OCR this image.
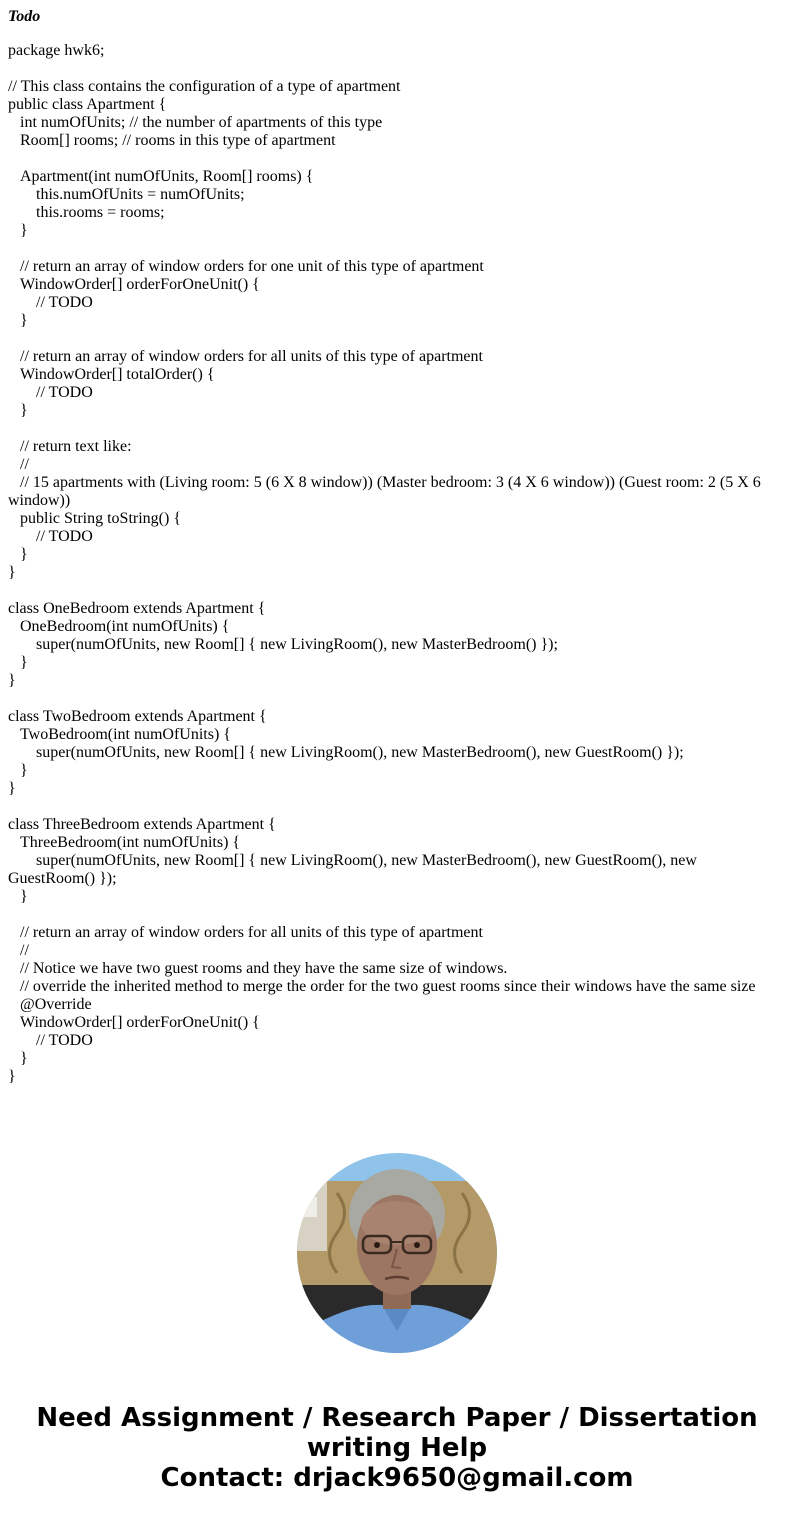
Todo
package hwk6;
// This class contains the configuration of a type of apartment
public class Apartment {
int numOfUnits; // the number of apartments of this type
Room[] rooms; // rooms in this type of apartment
Apartment(int numOfUnits, Room[] rooms) {
this.numOfUnits = numOfUnits;
this.rooms = rooms;
}
// return an array of window orders for one unit of this type of apartment
WindowOrder[] orderForOneUnit() {
// TODO
}
// return an array of window orders for all units of this type of apartment
WindowOrder[] totalOrder() {
// TODO
}
// return text like:
//
// 15 apartments with (Living room: 5 (6 X 8 window)) (Master bedroom: 3 (4 X 6 window)) (Guest room: 2 (5 X 6 window))
public String toString() {
// TODO
}
}
class OneBedroom extends Apartment {
OneBedroom(int numOfUnits) {
super(numOfUnits, new Room[] { new LivingRoom(), new MasterBedroom() });
}
}
class TwoBedroom extends Apartment {
TwoBedroom(int numOfUnits) {
super(numOfUnits, new Room[] { new LivingRoom(), new MasterBedroom(), new GuestRoom() });
}
}
class ThreeBedroom extends Apartment {
ThreeBedroom(int numOfUnits) {
super(numOfUnits, new Room[] { new LivingRoom(), new MasterBedroom(), new GuestRoom(), new GuestRoom() });
}
// return an array of window orders for all units of this type of apartment
//
// Notice we have two guest rooms and they have the same size of windows.
// override the inherited method to merge the order for the two guest rooms since their windows have the same size
@Override
WindowOrder[] orderForOneUnit() {
// TODO
}
}
Need Assignment / Research Paper / Dissertation
writing Help
Contact: drjack9650@gmail.com
